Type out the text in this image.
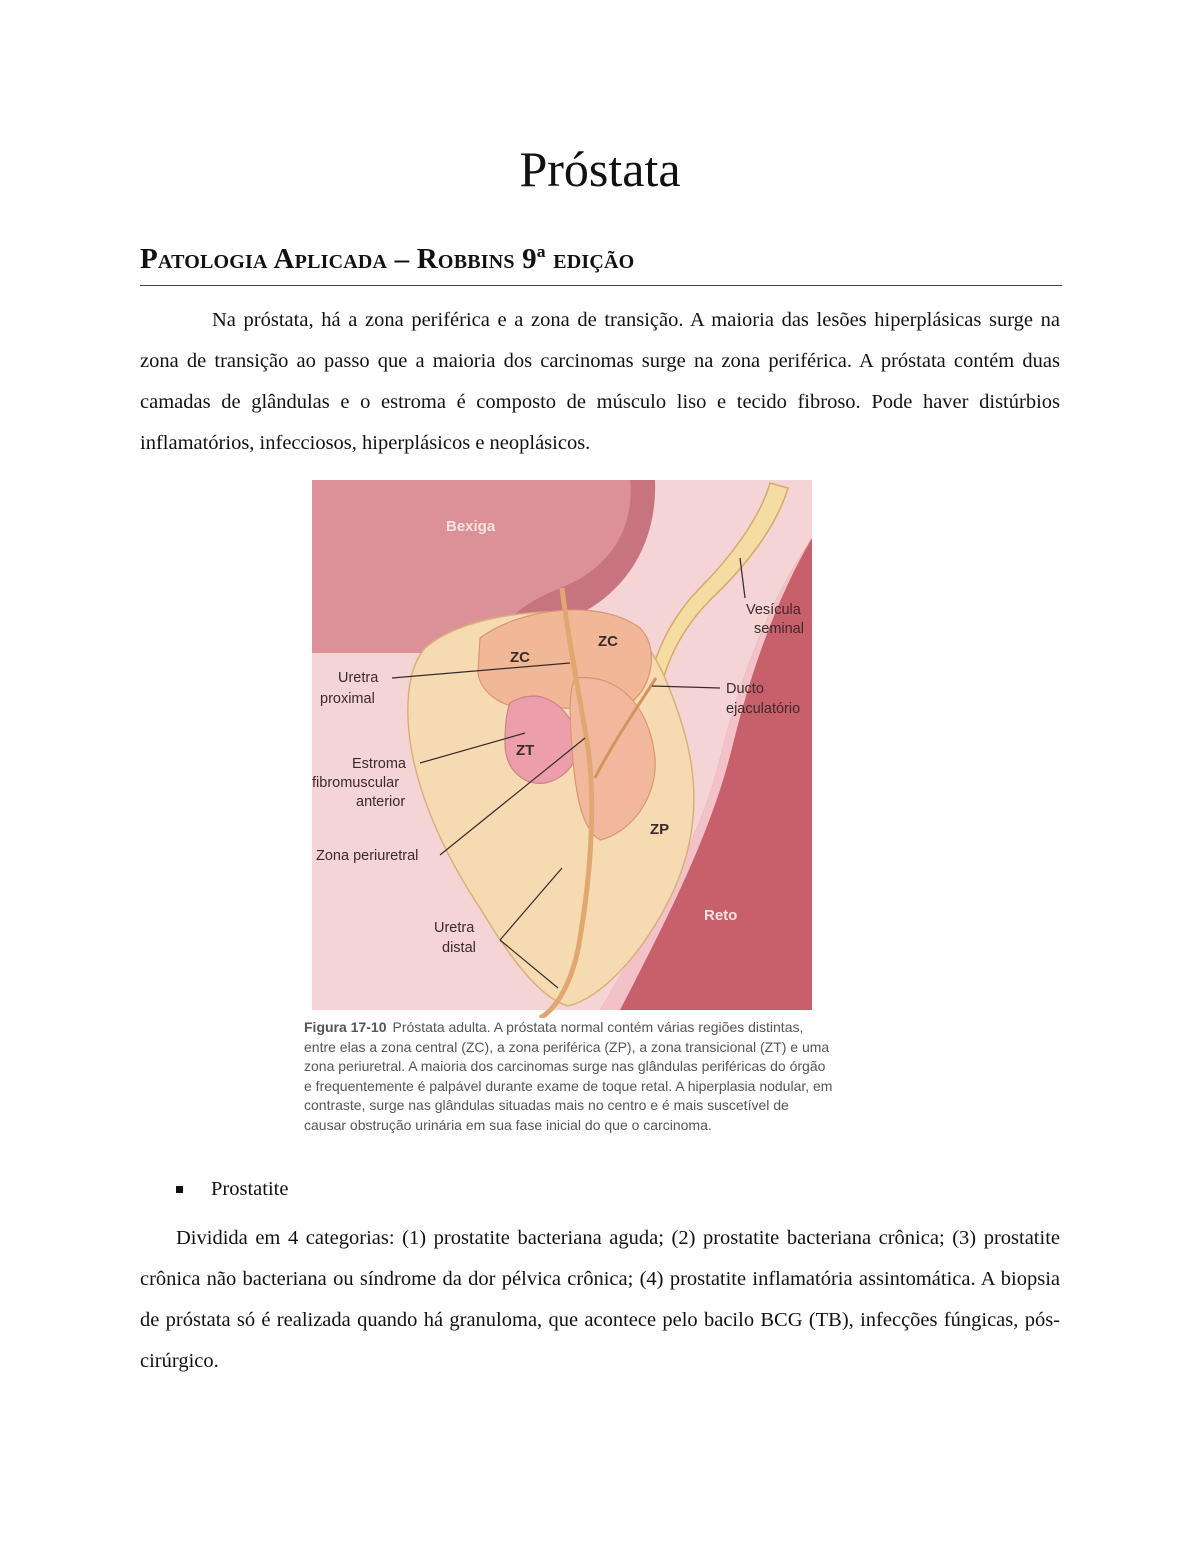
Próstata
Patologia Aplicada – Robbins 9ª edição

Na próstata, há a zona periférica e a zona de transição. A maioria das lesões hiperplásicas surge na zona de transição ao passo que a maioria dos carcinomas surge na zona periférica. A próstata contém duas camadas de glândulas e o estroma é composto de músculo liso e tecido fibroso. Pode haver distúrbios inflamatórios, infecciosos, hiperplásicos e neoplásicos.

Bexiga
Vesícula
seminal
ZC
ZC
Uretra
proximal
Ducto
ejaculatório
ZT
Estroma
fibromuscular
anterior
ZP
Zona periuretral
Reto
Uretra
distal

Figura 17-10 Próstata adulta. A próstata normal contém várias regiões distintas, entre elas a zona central (ZC), a zona periférica (ZP), a zona transicional (ZT) e uma zona periuretral. A maioria dos carcinomas surge nas glândulas periféricas do órgão e frequentemente é palpável durante exame de toque retal. A hiperplasia nodular, em contraste, surge nas glândulas situadas mais no centro e é mais suscetível de causar obstrução urinária em sua fase inicial do que o carcinoma.

Prostatite

Dividida em 4 categorias: (1) prostatite bacteriana aguda; (2) prostatite bacteriana crônica; (3) prostatite crônica não bacteriana ou síndrome da dor pélvica crônica; (4) prostatite inflamatória assintomática. A biopsia de próstata só é realizada quando há granuloma, que acontece pelo bacilo BCG (TB), infecções fúngicas, pós-cirúrgico.
